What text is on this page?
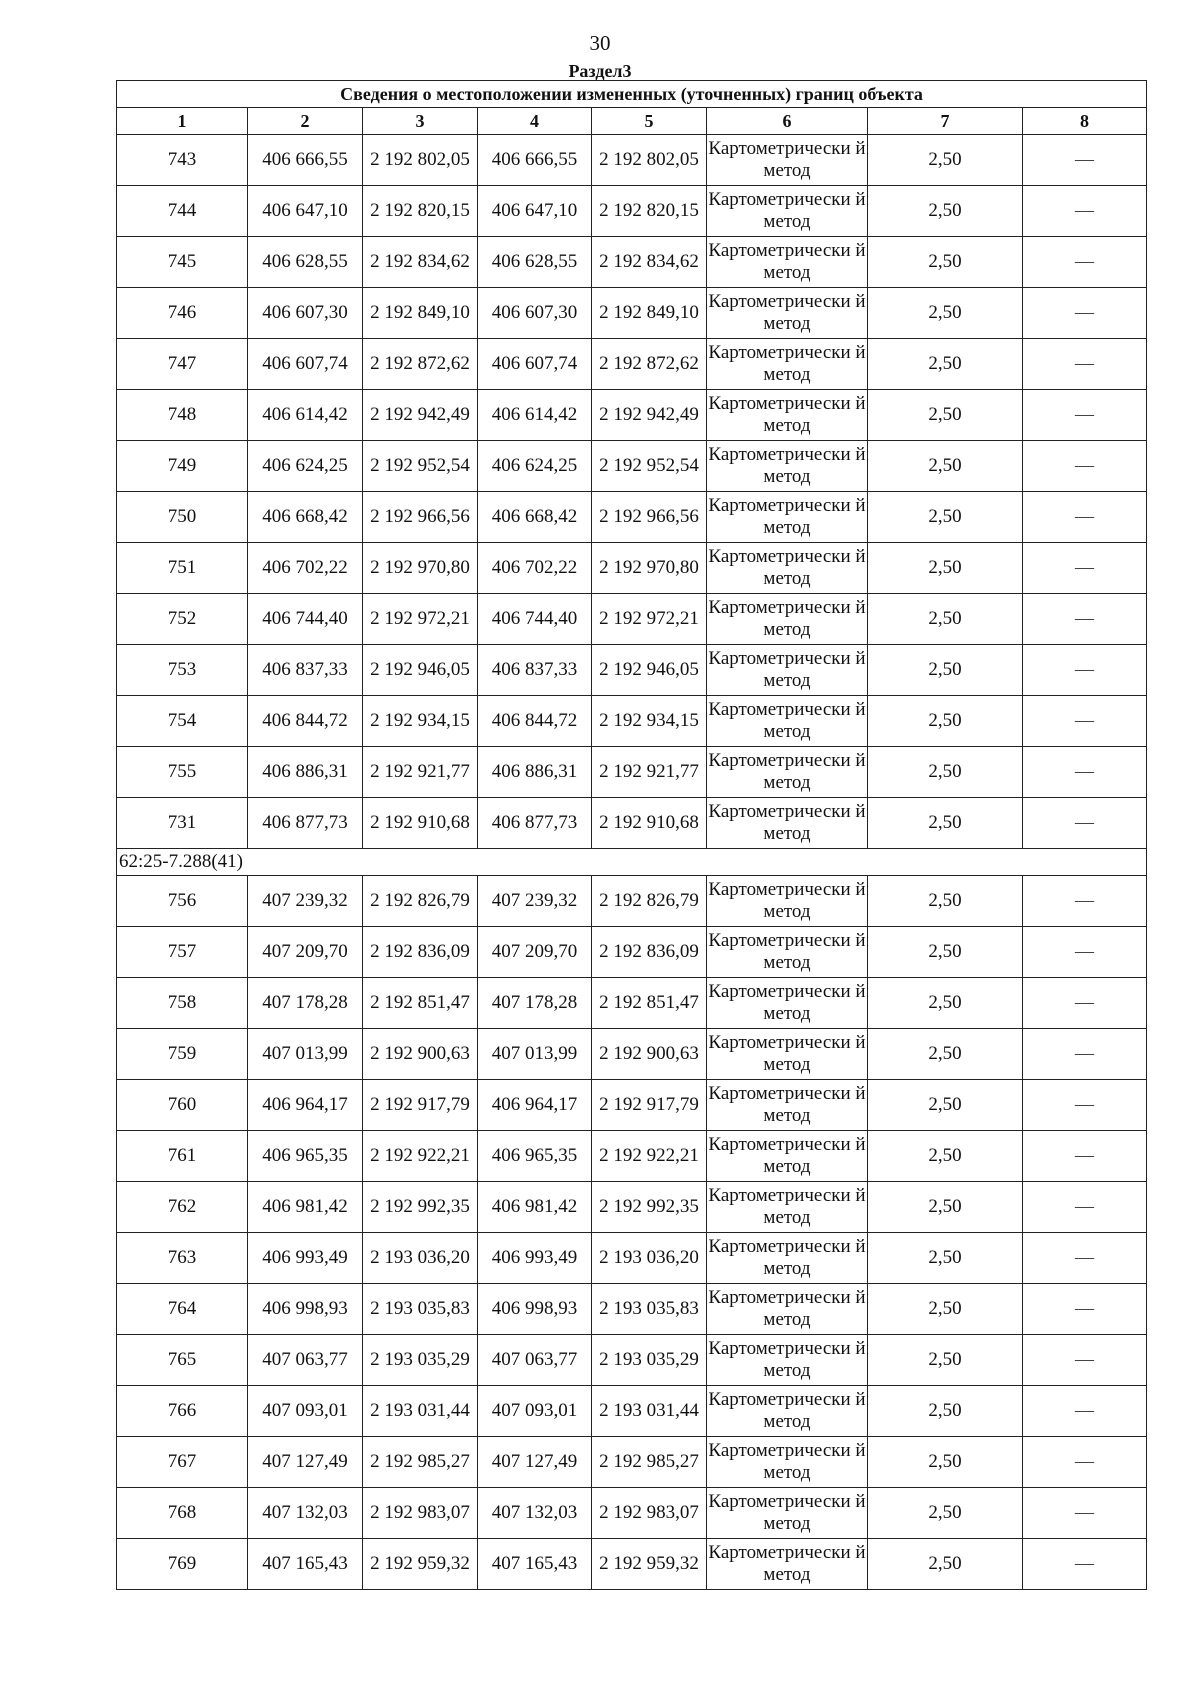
30
Раздел3
Сведения о местоположении измененных (уточненных) границ объекта							
1	2	3	4	5	6	7	8
743	406 666,55	2 192 802,05	406 666,55	2 192 802,05	Картометрически й метод	2,50	—
744	406 647,10	2 192 820,15	406 647,10	2 192 820,15	Картометрически й метод	2,50	—
745	406 628,55	2 192 834,62	406 628,55	2 192 834,62	Картометрически й метод	2,50	—
746	406 607,30	2 192 849,10	406 607,30	2 192 849,10	Картометрически й метод	2,50	—
747	406 607,74	2 192 872,62	406 607,74	2 192 872,62	Картометрически й метод	2,50	—
748	406 614,42	2 192 942,49	406 614,42	2 192 942,49	Картометрически й метод	2,50	—
749	406 624,25	2 192 952,54	406 624,25	2 192 952,54	Картометрически й метод	2,50	—
750	406 668,42	2 192 966,56	406 668,42	2 192 966,56	Картометрически й метод	2,50	—
751	406 702,22	2 192 970,80	406 702,22	2 192 970,80	Картометрически й метод	2,50	—
752	406 744,40	2 192 972,21	406 744,40	2 192 972,21	Картометрически й метод	2,50	—
753	406 837,33	2 192 946,05	406 837,33	2 192 946,05	Картометрически й метод	2,50	—
754	406 844,72	2 192 934,15	406 844,72	2 192 934,15	Картометрически й метод	2,50	—
755	406 886,31	2 192 921,77	406 886,31	2 192 921,77	Картометрически й метод	2,50	—
731	406 877,73	2 192 910,68	406 877,73	2 192 910,68	Картометрически й метод	2,50	—
62:25-7.288(41)							
756	407 239,32	2 192 826,79	407 239,32	2 192 826,79	Картометрически й метод	2,50	—
757	407 209,70	2 192 836,09	407 209,70	2 192 836,09	Картометрически й метод	2,50	—
758	407 178,28	2 192 851,47	407 178,28	2 192 851,47	Картометрически й метод	2,50	—
759	407 013,99	2 192 900,63	407 013,99	2 192 900,63	Картометрически й метод	2,50	—
760	406 964,17	2 192 917,79	406 964,17	2 192 917,79	Картометрически й метод	2,50	—
761	406 965,35	2 192 922,21	406 965,35	2 192 922,21	Картометрически й метод	2,50	—
762	406 981,42	2 192 992,35	406 981,42	2 192 992,35	Картометрически й метод	2,50	—
763	406 993,49	2 193 036,20	406 993,49	2 193 036,20	Картометрически й метод	2,50	—
764	406 998,93	2 193 035,83	406 998,93	2 193 035,83	Картометрически й метод	2,50	—
765	407 063,77	2 193 035,29	407 063,77	2 193 035,29	Картометрически й метод	2,50	—
766	407 093,01	2 193 031,44	407 093,01	2 193 031,44	Картометрически й метод	2,50	—
767	407 127,49	2 192 985,27	407 127,49	2 192 985,27	Картометрически й метод	2,50	—
768	407 132,03	2 192 983,07	407 132,03	2 192 983,07	Картометрически й метод	2,50	—
769	407 165,43	2 192 959,32	407 165,43	2 192 959,32	Картометрически й метод	2,50	—
